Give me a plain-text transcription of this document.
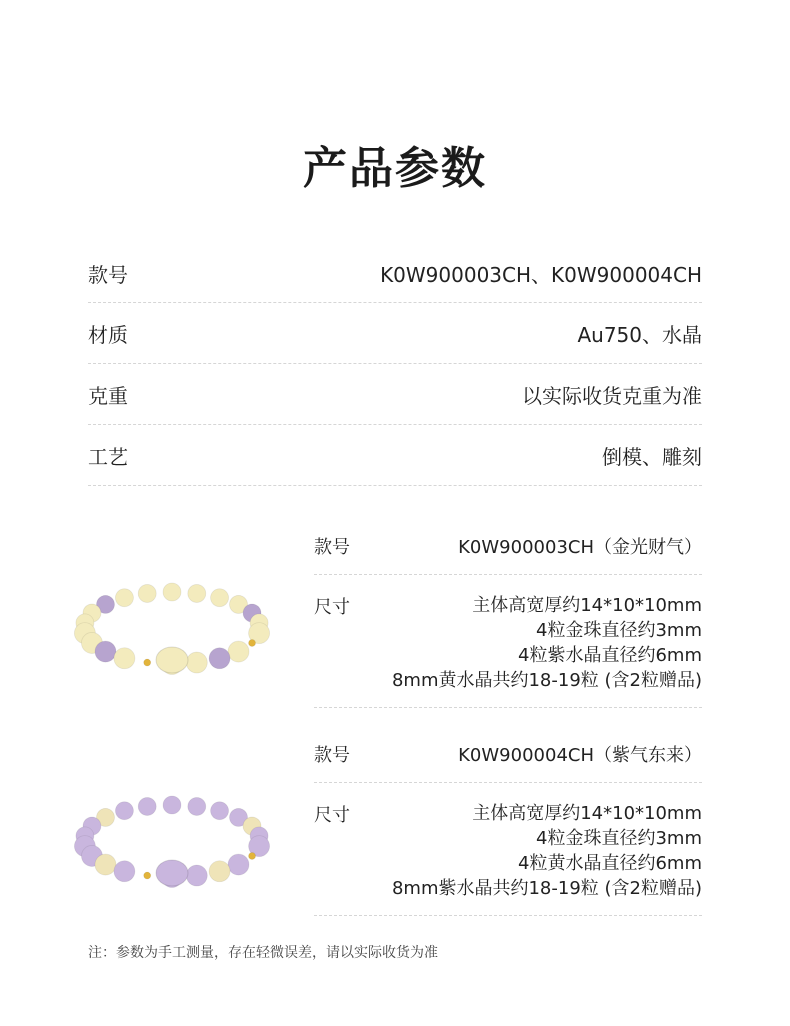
产品参数
款号	K0W900003CH、K0W900004CH
材质	Au750、水晶
克重	以实际收货克重为准
工艺	倒模、雕刻
款号	K0W900003CH（金光财气）
尺寸	主体高宽厚约14*10*10mm
4粒金珠直径约3mm
4粒紫水晶直径约6mm
8mm黄水晶共约18-19粒 (含2粒赠品)
款号	K0W900004CH（紫气东来）
尺寸	主体高宽厚约14*10*10mm
4粒金珠直径约3mm
4粒黄水晶直径约6mm
8mm紫水晶共约18-19粒 (含2粒赠品)
注：参数为手工测量，存在轻微误差，请以实际收货为准
